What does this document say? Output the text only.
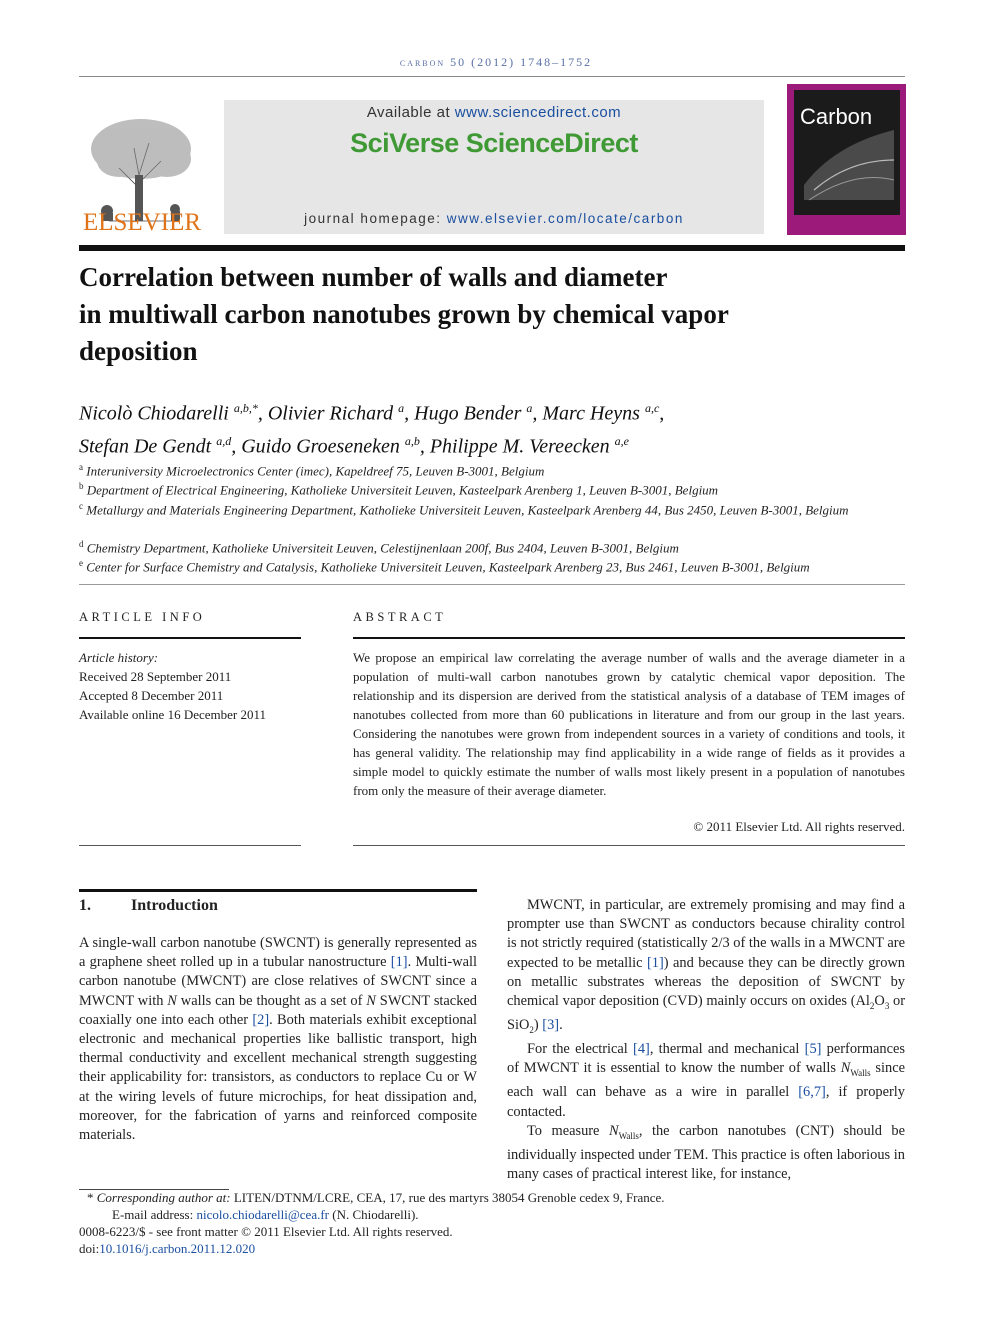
carbon 50 (2012) 1748–1752
ELSEVIER
Available at www.sciencedirect.com
SciVerse ScienceDirect
journal homepage: www.elsevier.com/locate/carbon
Carbon
Correlation between number of walls and diameter
in multiwall carbon nanotubes grown by chemical vapor
deposition
Nicolò Chiodarelli $^{a,b,*}$, Olivier Richard $^a$, Hugo Bender $^a$, Marc Heyns $^{a,c}$,
Stefan De Gendt $^{a,d}$, Guido Groeseneken $^{a,b}$, Philippe M. Vereecken $^{a,e}$
$^a$ Interuniversity Microelectronics Center (imec), Kapeldreef 75, Leuven B-3001, Belgium
$^b$ Department of Electrical Engineering, Katholieke Universiteit Leuven, Kasteelpark Arenberg 1, Leuven B-3001, Belgium
$^c$ Metallurgy and Materials Engineering Department, Katholieke Universiteit Leuven, Kasteelpark Arenberg 44, Bus 2450, Leuven B-3001, Belgium
$^d$ Chemistry Department, Katholieke Universiteit Leuven, Celestijnenlaan 200f, Bus 2404, Leuven B-3001, Belgium
$^e$ Center for Surface Chemistry and Catalysis, Katholieke Universiteit Leuven, Kasteelpark Arenberg 23, Bus 2461, Leuven B-3001, Belgium
ARTICLE INFO
Article history:
Received 28 September 2011
Accepted 8 December 2011
Available online 16 December 2011
ABSTRACT
We propose an empirical law correlating the average number of walls and the average diameter in a population of multi-wall carbon nanotubes grown by catalytic chemical vapor deposition. The relationship and its dispersion are derived from the statistical analysis of a database of TEM images of nanotubes collected from more than 60 publications in literature and from our group in the last years. Considering the nanotubes were grown from independent sources in a variety of conditions and tools, it has general validity. The relationship may find applicability in a wide range of fields as it provides a simple model to quickly estimate the number of walls most likely present in a population of nanotubes from only the measure of their average diameter.
© 2011 Elsevier Ltd. All rights reserved.
1.	Introduction

A single-wall carbon nanotube (SWCNT) is generally represented as a graphene sheet rolled up in a tubular nanostructure [1]. Multi-wall carbon nanotube (MWCNT) are close relatives of SWCNT since a MWCNT with N walls can be thought as a set of N SWCNT stacked coaxially one into each other [2]. Both materials exhibit exceptional electronic and mechanical properties like ballistic transport, high thermal conductivity and excellent mechanical strength suggesting their applicability for: transistors, as conductors to replace Cu or W at the wiring levels of future microchips, for heat dissipation and, moreover, for the fabrication of yarns and reinforced composite materials.

MWCNT, in particular, are extremely promising and may find a prompter use than SWCNT as conductors because chirality control is not strictly required (statistically 2/3 of the walls in a MWCNT are expected to be metallic [1]) and because they can be directly grown on metallic substrates whereas the deposition of SWCNT by chemical vapor deposition (CVD) mainly occurs on oxides ($Al_2O_3$ or SiO$_2$) [3].

For the electrical [4], thermal and mechanical [5] performances of MWCNT it is essential to know the number of walls $N_{Walls}$ since each wall can behave as a wire in parallel [6,7], if properly contacted.

To measure $N_{Walls}$, the carbon nanotubes (CNT) should be individually inspected under TEM. This practice is often laborious in many cases of practical interest like, for instance,

* Corresponding author at: LITEN/DTNM/LCRE, CEA, 17, rue des martyrs 38054 Grenoble cedex 9, France.
E-mail address: nicolo.chiodarelli@cea.fr (N. Chiodarelli).
0008-6223/$ - see front matter © 2011 Elsevier Ltd. All rights reserved.
doi:10.1016/j.carbon.2011.12.020
